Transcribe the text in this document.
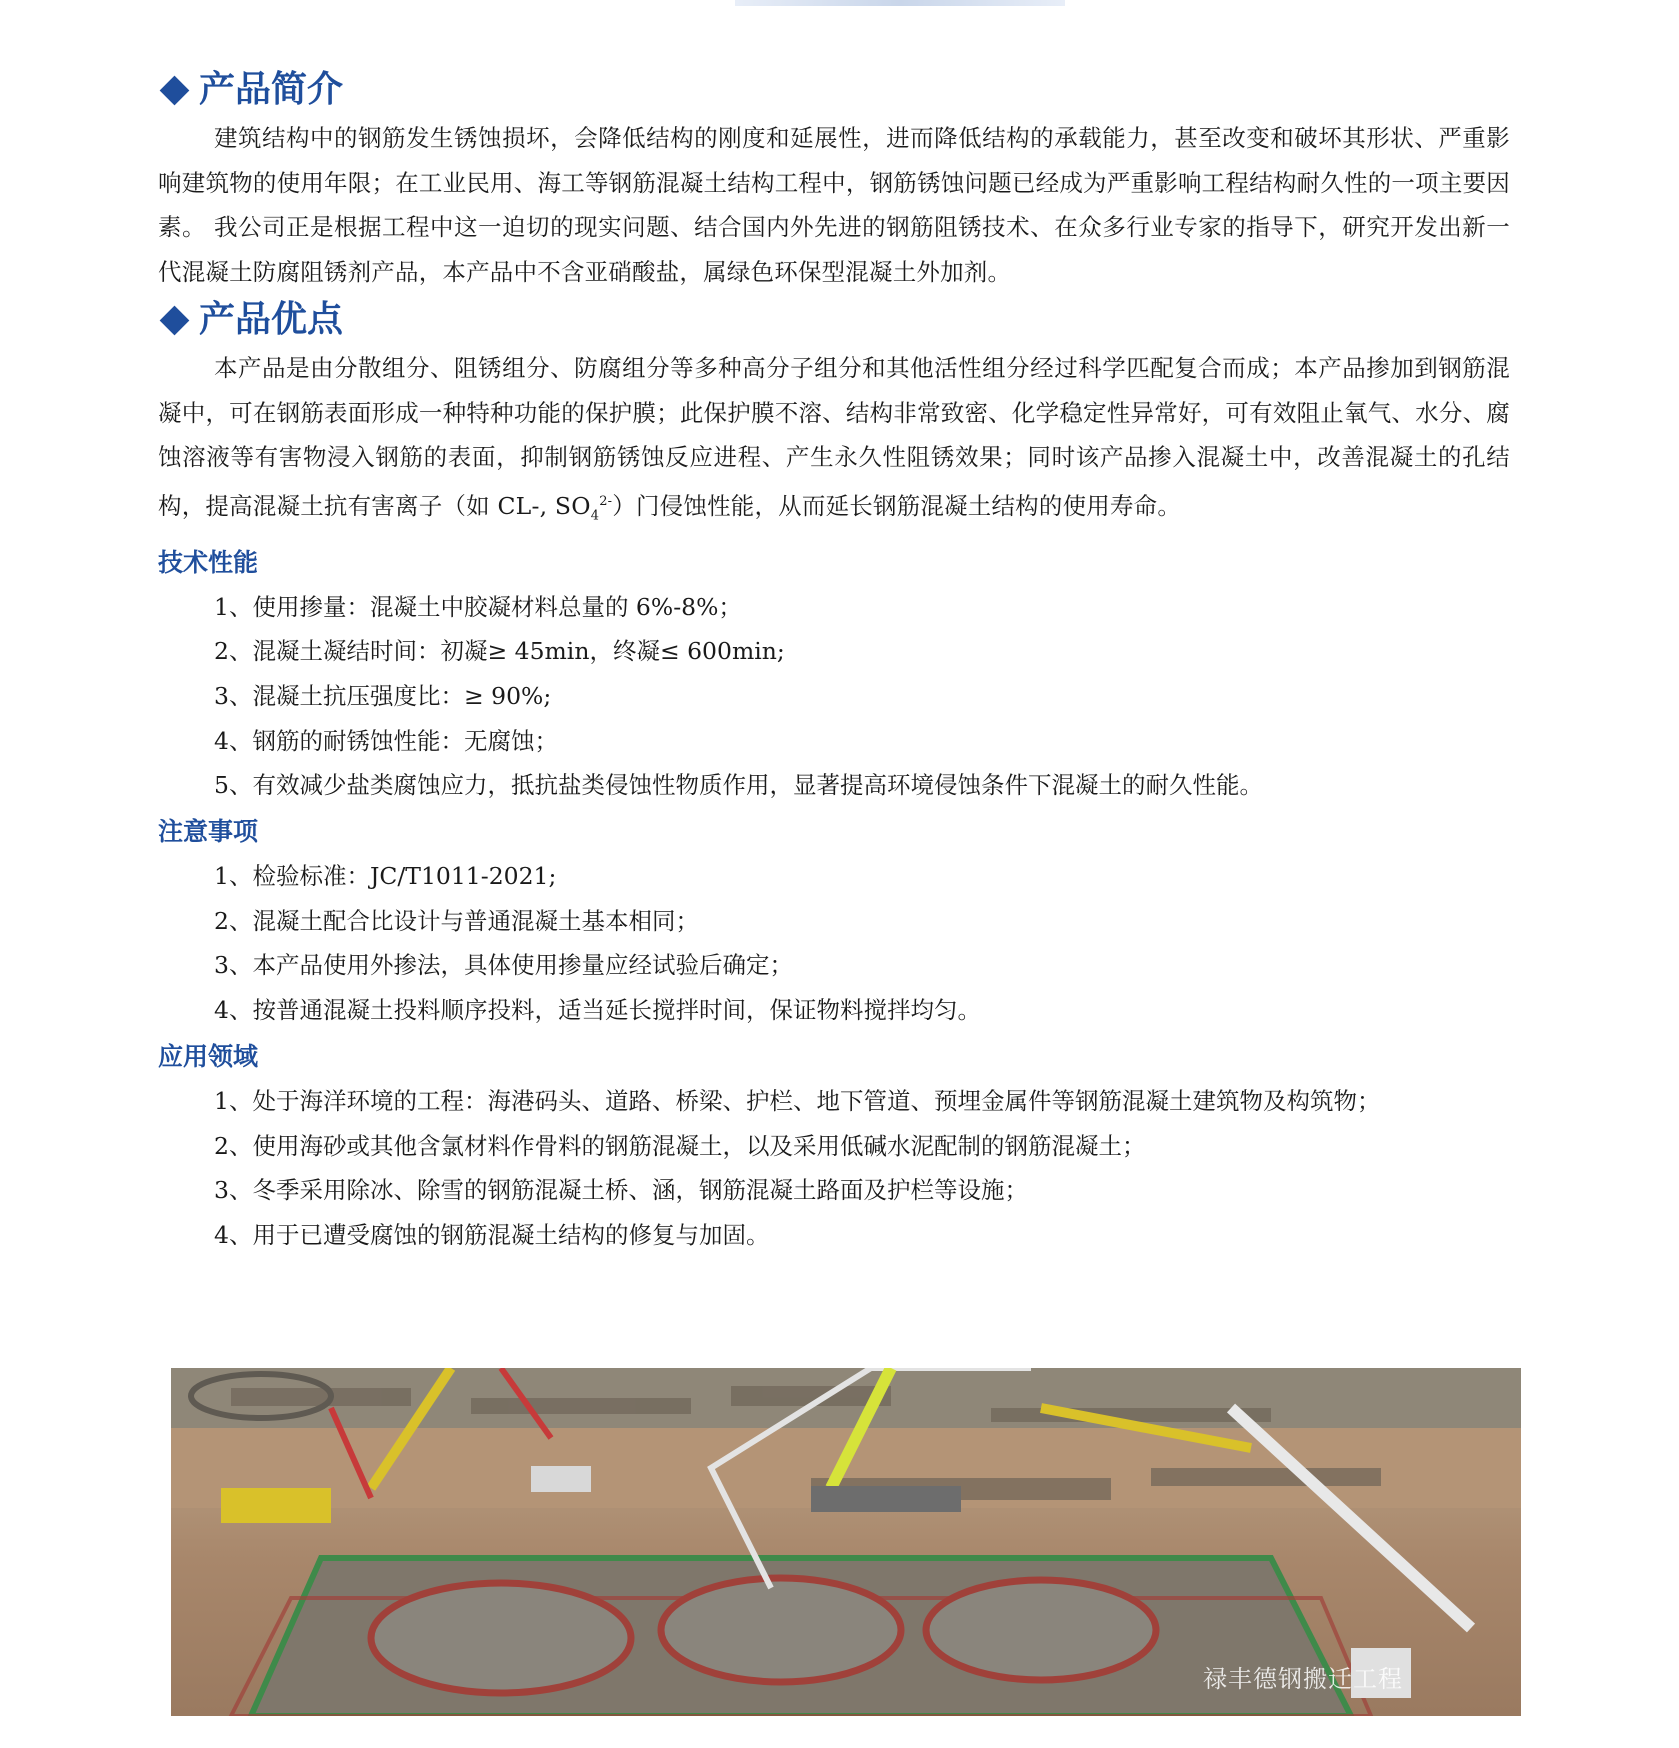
产品简介

建筑结构中的钢筋发生锈蚀损坏，会降低结构的刚度和延展性，进而降低结构的承载能力，甚至改变和破坏其形状、严重影响建筑物的使用年限；在工业民用、海工等钢筋混凝土结构工程中，钢筋锈蚀问题已经成为严重影响工程结构耐久性的一项主要因素。 我公司正是根据工程中这一迫切的现实问题、结合国内外先进的钢筋阻锈技术、在众多行业专家的指导下，研究开发出新一代混凝土防腐阻锈剂产品，本产品中不含亚硝酸盐，属绿色环保型混凝土外加剂。

产品优点

本产品是由分散组分、阻锈组分、防腐组分等多种高分子组分和其他活性组分经过科学匹配复合而成；本产品掺加到钢筋混凝中，可在钢筋表面形成一种特种功能的保护膜；此保护膜不溶、结构非常致密、化学稳定性异常好，可有效阻止氧气、水分、腐蚀溶液等有害物浸入钢筋的表面，抑制钢筋锈蚀反应进程、产生永久性阻锈效果；同时该产品掺入混凝土中，改善混凝土的孔结构，提高混凝土抗有害离子（如 CL-, $SO_4^{2-}$）门侵蚀性能，从而延长钢筋混凝土结构的使用寿命。

技术性能
1、使用掺量：混凝土中胶凝材料总量的 6%-8%；
2、混凝土凝结时间：初凝≥ 45min，终凝≤ 600min;
3、混凝土抗压强度比：≥ 90%;
4、钢筋的耐锈蚀性能：无腐蚀；
5、有效减少盐类腐蚀应力，抵抗盐类侵蚀性物质作用，显著提高环境侵蚀条件下混凝土的耐久性能。
注意事项
1、检验标准：JC/T1011-2021;
2、混凝土配合比设计与普通混凝土基本相同；
3、本产品使用外掺法，具体使用掺量应经试验后确定；
4、按普通混凝土投料顺序投料，适当延长搅拌时间，保证物料搅拌均匀。
应用领域
1、处于海洋环境的工程：海港码头、道路、桥梁、护栏、地下管道、预埋金属件等钢筋混凝土建筑物及构筑物；
2、使用海砂或其他含氯材料作骨料的钢筋混凝土，以及采用低碱水泥配制的钢筋混凝土；
3、冬季采用除冰、除雪的钢筋混凝土桥、涵，钢筋混凝土路面及护栏等设施；
4、用于已遭受腐蚀的钢筋混凝土结构的修复与加固。
禄丰德钢搬迁工程
